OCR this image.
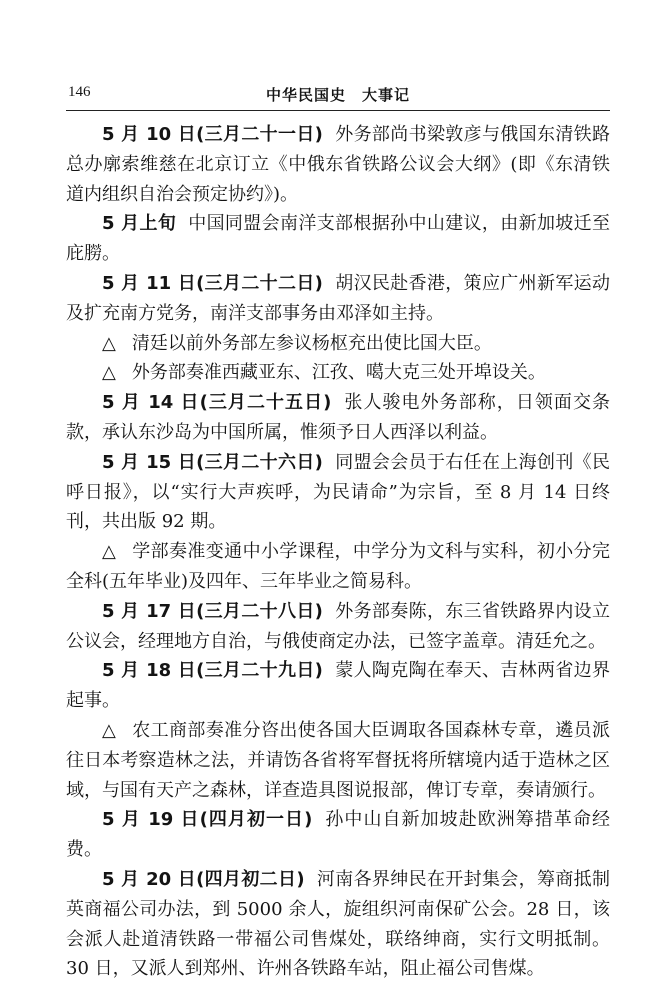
146	中华民国史　大事记

5 月 10 日(三月二十一日) 外务部尚书梁敦彦与俄国东清铁路总办廓索维慈在北京订立《中俄东省铁路公议会大纲》(即《东清铁道内组织自治会预定协约》)。

5 月上旬 中国同盟会南洋支部根据孙中山建议，由新加坡迁至庇朥。

5 月 11 日(三月二十二日) 胡汉民赴香港，策应广州新军运动及扩充南方党务，南洋支部事务由邓泽如主持。

△ 清廷以前外务部左参议杨枢充出使比国大臣。

△ 外务部奏准西藏亚东、江孜、噶大克三处开埠设关。

5 月 14 日(三月二十五日) 张人骏电外务部称，日领面交条款，承认东沙岛为中国所属，惟须予日人西泽以利益。

5 月 15 日(三月二十六日) 同盟会会员于右任在上海创刊《民呼日报》，以“实行大声疾呼，为民请命”为宗旨，至 8 月 14 日终刊，共出版 92 期。

△ 学部奏准变通中小学课程，中学分为文科与实科，初小分完全科(五年毕业)及四年、三年毕业之简易科。

5 月 17 日(三月二十八日) 外务部奏陈，东三省铁路界内设立公议会，经理地方自治，与俄使商定办法，已签字盖章。清廷允之。

5 月 18 日(三月二十九日) 蒙人陶克陶在奉天、吉林两省边界起事。

△ 农工商部奏准分咨出使各国大臣调取各国森林专章，遴员派往日本考察造林之法，并请饬各省将军督抚将所辖境内适于造林之区域，与国有天产之森林，详查造具图说报部，俾订专章，奏请颁行。

5 月 19 日(四月初一日) 孙中山自新加坡赴欧洲筹措革命经费。

5 月 20 日(四月初二日) 河南各界绅民在开封集会，筹商抵制英商福公司办法，到 5000 余人，旋组织河南保矿公会。28 日，该会派人赴道清铁路一带福公司售煤处，联络绅商，实行文明抵制。30 日，又派人到郑州、许州各铁路车站，阻止福公司售煤。
